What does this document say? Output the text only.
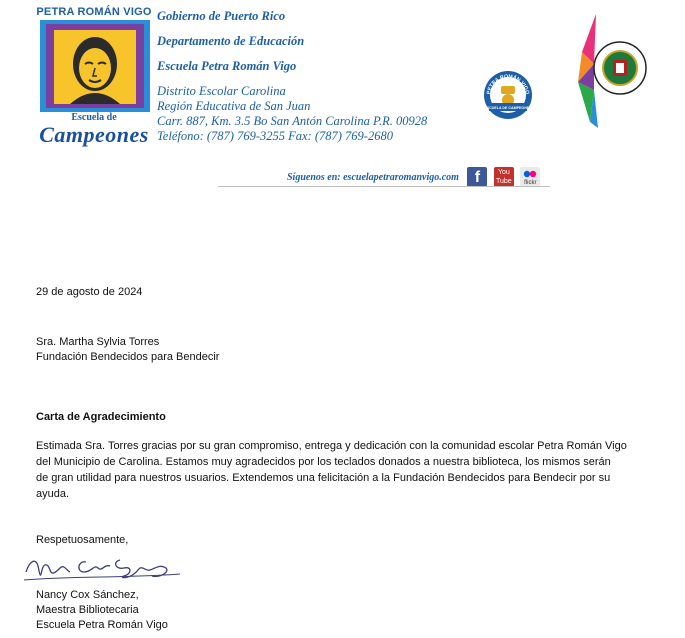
PETRA ROMÁN VIGO
Escuela de
Campeones
Gobierno de Puerto Rico
Departamento de Educación
Escuela Petra Román Vigo
Distrito Escolar Carolina
Región Educativa de San Juan
Carr. 887, Km. 3.5 Bo San Antón Carolina P.R. 00928
Teléfono: (787) 769-3255 Fax: (787) 769-2680
PETRA ROMÁN VIGO
ESCUELA DE CAMPEONES
Síguenos en: escuelapetraromanvigo.com f	You
Tube flickr
29 de agosto de 2024
Sra. Martha Sylvia Torres
Fundación Bendecidos para Bendecir
Carta de Agradecimiento
Estimada Sra. Torres gracias por su gran compromiso, entrega y dedicación con la comunidad escolar Petra Román Vigo
del Municipio de Carolina. Estamos muy agradecidos por los teclados donados a nuestra biblioteca, los mismos serán
de gran utilidad para nuestros usuarios. Extendemos una felicitación a la Fundación Bendecidos para Bendecir por su
ayuda.
Respetuosamente,
Nancy Cox Sánchez,
Maestra Bibliotecaria
Escuela Petra Román Vigo
